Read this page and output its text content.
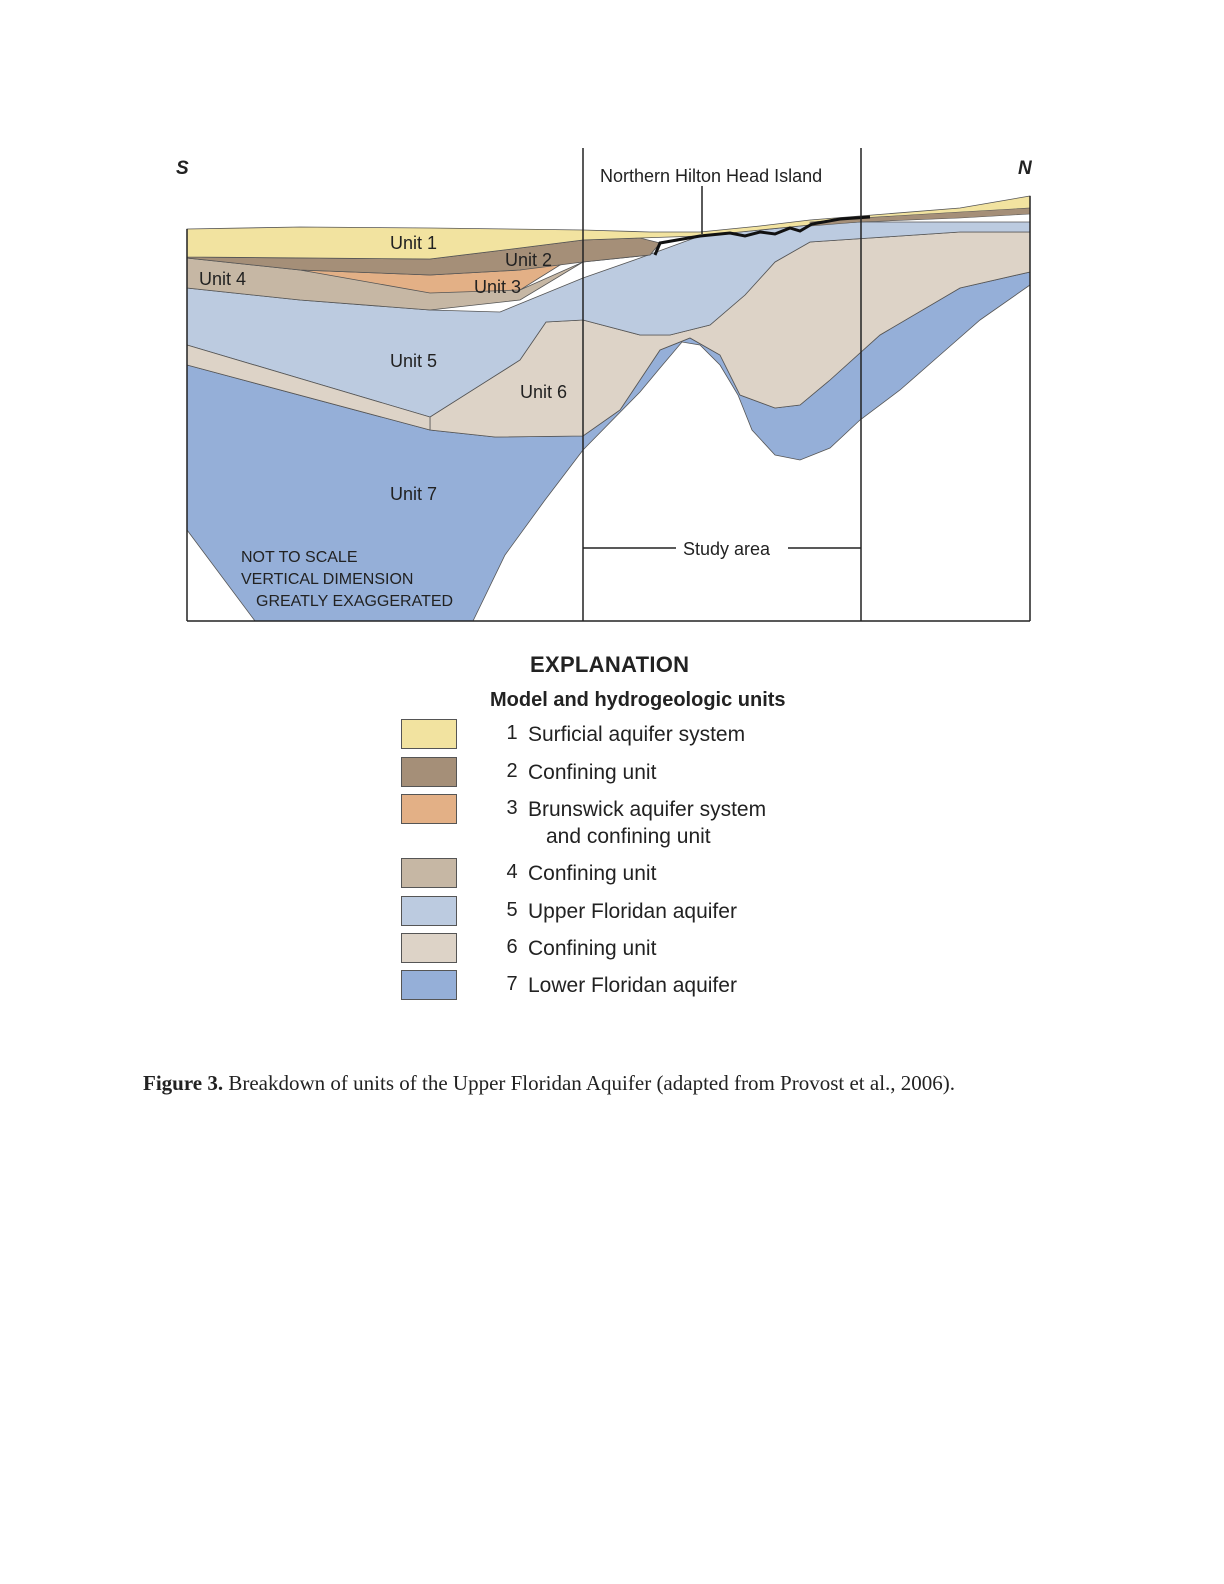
S	N
Northern Hilton Head Island
Study area
Unit 1
Unit 2
Unit 3
Unit 4
Unit 5
Unit 6
Unit 7
NOT TO SCALE
VERTICAL DIMENSION
GREATLY EXAGGERATED
EXPLANATION
Model and hydrogeologic units
1 Surficial aquifer system
2 Confining unit
3 Brunswick aquifer system
and confining unit
4 Confining unit
5 Upper Floridan aquifer
6 Confining unit
7 Lower Floridan aquifer
Figure 3. Breakdown of units of the Upper Floridan Aquifer (adapted from Provost et al., 2006).
